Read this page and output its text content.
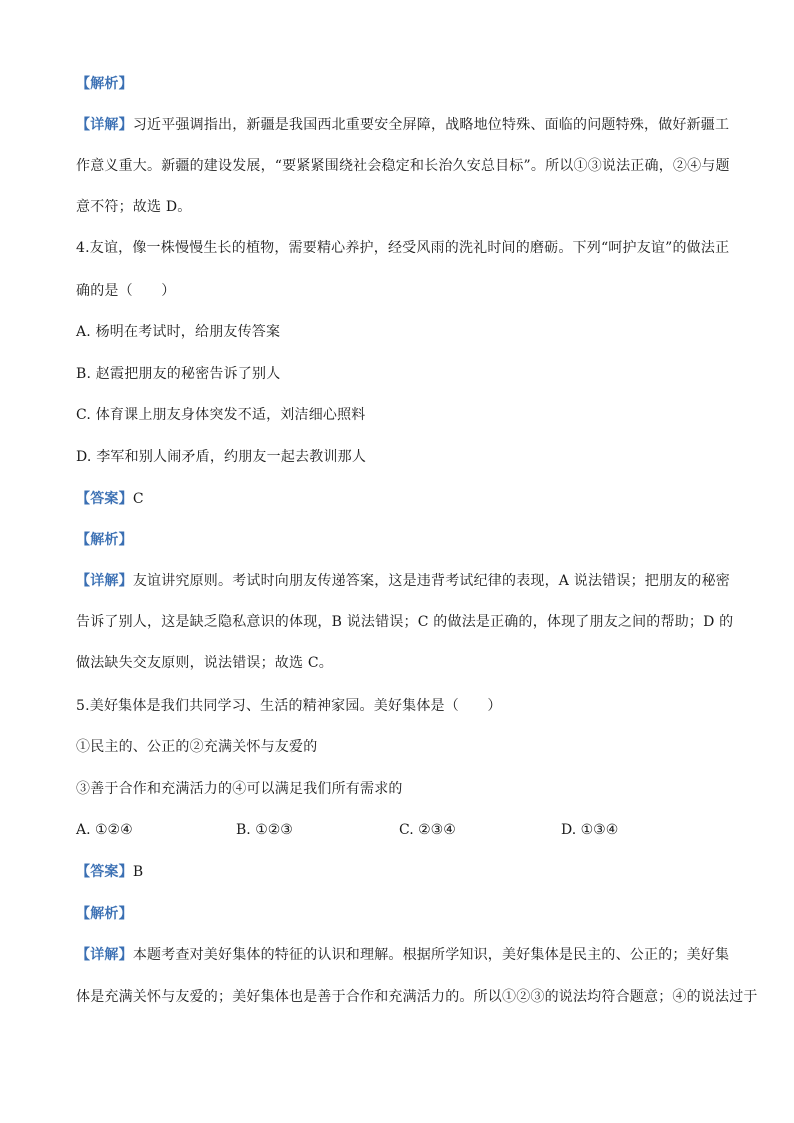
【解析】
【详解】习近平强调指出，新疆是我国西北重要安全屏障，战略地位特殊、面临的问题特殊，做好新疆工
作意义重大。新疆的建设发展，“要紧紧围绕社会稳定和长治久安总目标”。所以①③说法正确，②④与题
意不符；故选 D。
4.友谊，像一株慢慢生长的植物，需要精心养护，经受风雨的洗礼时间的磨砺。下列“呵护友谊”的做法正
确的是（　　）
A. 杨明在考试时，给朋友传答案
B. 赵霞把朋友的秘密告诉了别人
C. 体育课上朋友身体突发不适，刘洁细心照料
D. 李军和别人闹矛盾，约朋友一起去教训那人
【答案】C
【解析】
【详解】友谊讲究原则。考试时向朋友传递答案，这是违背考试纪律的表现，A 说法错误；把朋友的秘密
告诉了别人，这是缺乏隐私意识的体现，B 说法错误；C 的做法是正确的，体现了朋友之间的帮助；D 的
做法缺失交友原则，说法错误；故选 C。
5.美好集体是我们共同学习、生活的精神家园。美好集体是（　　）
①民主的、公正的②充满关怀与友爱的
③善于合作和充满活力的④可以满足我们所有需求的
A. ①②④	B. ①②③	C. ②③④	D. ①③④
【答案】B
【解析】
【详解】本题考查对美好集体的特征的认识和理解。根据所学知识，美好集体是民主的、公正的；美好集
体是充满关怀与友爱的；美好集体也是善于合作和充满活力的。所以①②③的说法均符合题意；④的说法过于
